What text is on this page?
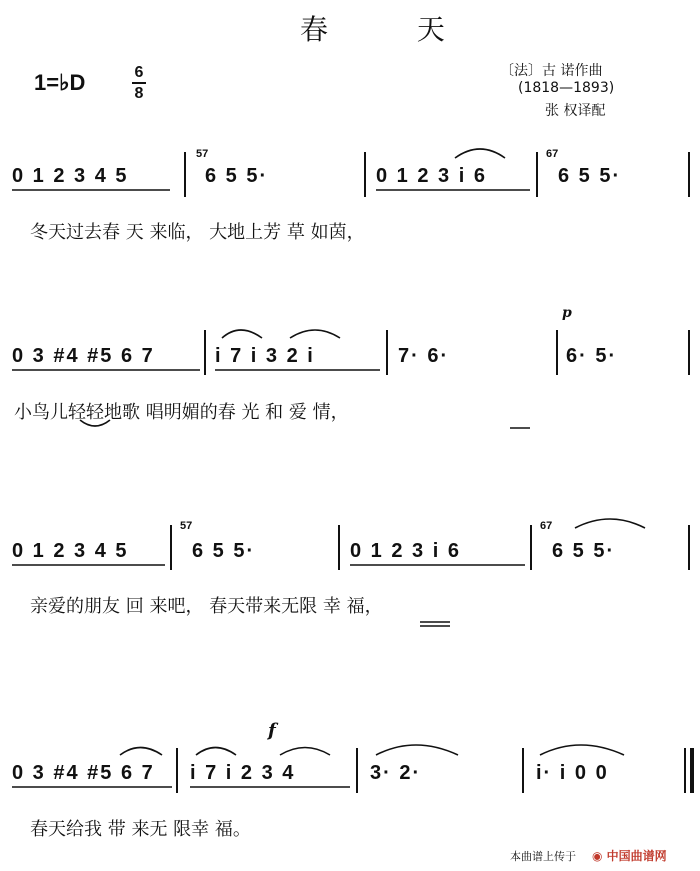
春 天
1=♭D	6
8
〔法〕古 诺作曲
(1818—1893)
张 权译配
0 1 2 3 4 5
57
6 5 5·	0 1 2 3 i 6
67
6 5 5·
冬天过去春 天 来临， 大地上芳 草 如茵，
p
0 3 #4 #5 6 7	i 7 i 3 2 i	7· 6·	6· 5·
小鸟儿轻轻地歌 唱明媚的春 光 和 爱 情，
0 1 2 3 4 5
57
6 5 5·	0 1 2 3 i 6
67
6 5 5·
亲爱的朋友 回 来吧， 春天带来无限 幸 福，
f
0 3 #4 #5 6 7 i 7 i 2 3 4	3· 2·	i· i 0 0
春天给我 带 来无 限幸 福。
本曲谱上传于 ◉ 中国曲谱网
